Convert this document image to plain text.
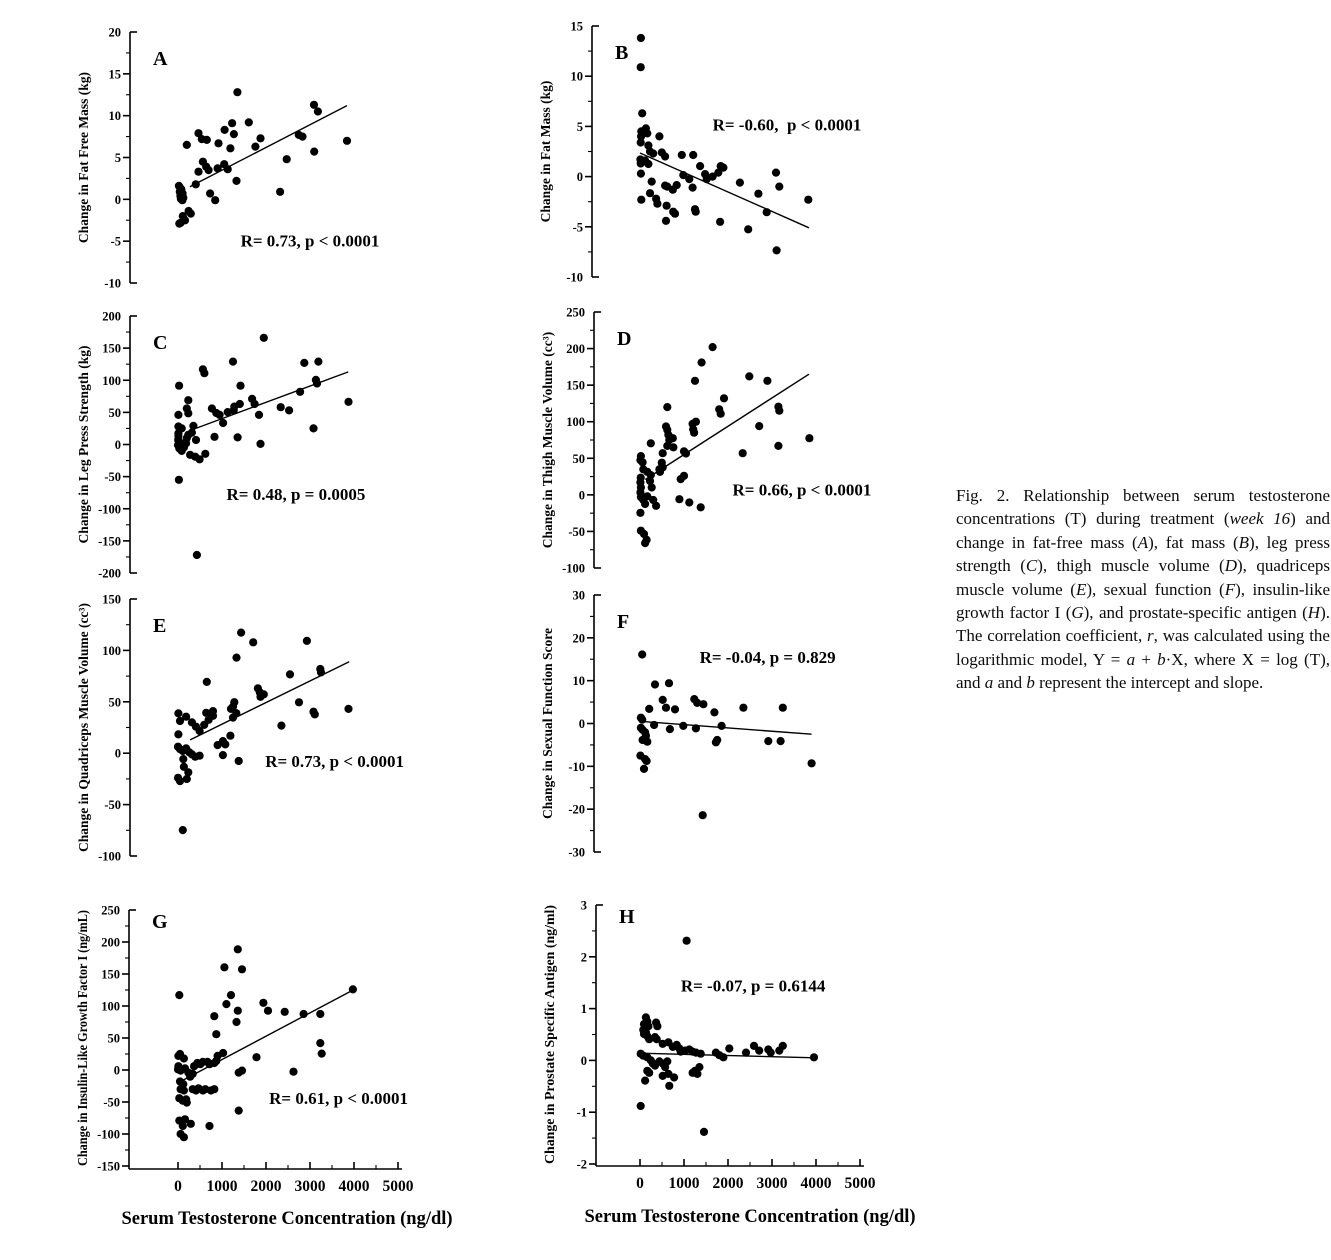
20
15
10
5
0
-5
-10
R= 0.73, p < 0.0001
A
Change in Fat Free Mass (kg)
15
10
5
0
-5
-10
R= -0.60,  p < 0.0001
B
Change in Fat Mass (kg)
200
150
100
50
0
-50
-100
-150
-200
R= 0.48, p = 0.0005
C
Change in Leg Press Strength (kg)
250
200
150
100
50
0
-50
-100
R= 0.66, p < 0.0001
D
Change in Thigh Muscle Volume (cc³)
150
100
50
0
-50
-100
R= 0.73, p < 0.0001
E
Change in Quadriceps Muscle Volume (cc³)
30
20
10
0
-10
-20
-30
R= -0.04, p = 0.829
F
Change in Sexual Function Score
250
200
150
100
50
0
-50
-100
-150
0 1000 2000 3000 4000 5000
R= 0.61, p < 0.0001
G
Change in Insulin-Like Growth Factor I (ng/mL)	3
2
1
0
-1
-2
0 1000 2000 3000 4000 5000
R= -0.07, p = 0.6144
H
Change in Prostate Specific Antigen (ng/ml)
Serum Testosterone Concentration (ng/dl)	Serum Testosterone Concentration (ng/dl)
Fig. 2. Relationship between serum testosterone concentrations (T) during treatment (week 16) and change in fat-free mass (A), fat mass (B), leg press strength (C), thigh muscle volume (D), quadriceps muscle volume (E), sexual function (F), insulin-like growth factor I (G), and prostate-specific antigen (H). The correlation coefficient, r, was calculated using the logarithmic model, Y = a + b·X, where X = log (T), and a and b represent the intercept and slope.
